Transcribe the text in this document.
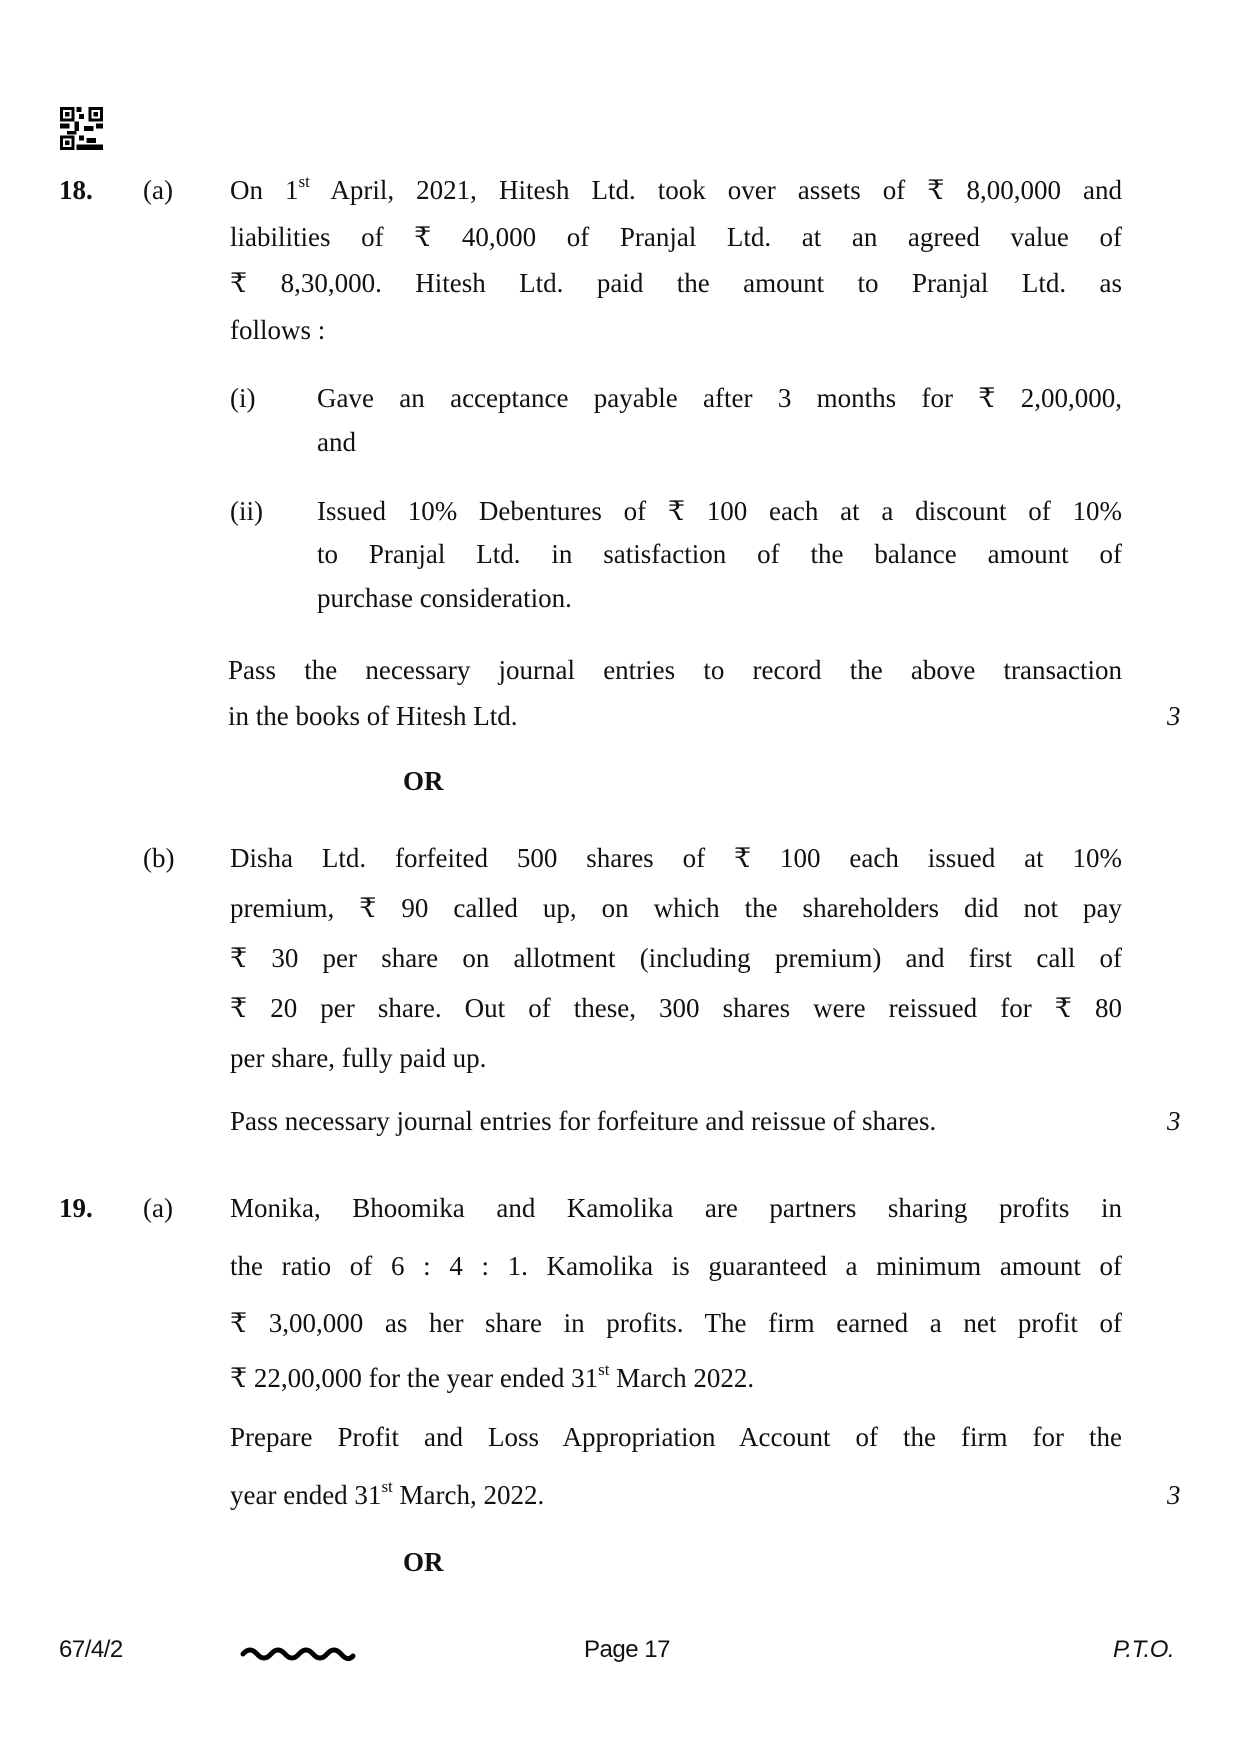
18. (a) On 1st April, 2021, Hitesh Ltd. took over assets of ₹ 8,00,000 and
liabilities of ₹ 40,000 of Pranjal Ltd. at an agreed value of
₹ 8,30,000. Hitesh Ltd. paid the amount to Pranjal Ltd. as
follows :
(i) Gave an acceptance payable after 3 months for ₹ 2,00,000,
and
(ii) Issued 10% Debentures of ₹ 100 each at a discount of 10%
to Pranjal Ltd. in satisfaction of the balance amount of
purchase consideration.
Pass the necessary journal entries to record the above transaction
in the books of Hitesh Ltd.	3
OR
(b) Disha Ltd. forfeited 500 shares of ₹ 100 each issued at 10%
premium, ₹ 90 called up, on which the shareholders did not pay
₹ 30 per share on allotment (including premium) and first call of
₹ 20 per share. Out of these, 300 shares were reissued for ₹ 80
per share, fully paid up.
Pass necessary journal entries for forfeiture and reissue of shares.	3
19. (a) Monika, Bhoomika and Kamolika are partners sharing profits in
the ratio of 6 : 4 : 1. Kamolika is guaranteed a minimum amount of
₹ 3,00,000 as her share in profits. The firm earned a net profit of
₹ 22,00,000 for the year ended 31st March 2022.
Prepare Profit and Loss Appropriation Account of the firm for the
year ended 31st March, 2022.	3
OR
67/4/2	Page 17	P.T.O.
